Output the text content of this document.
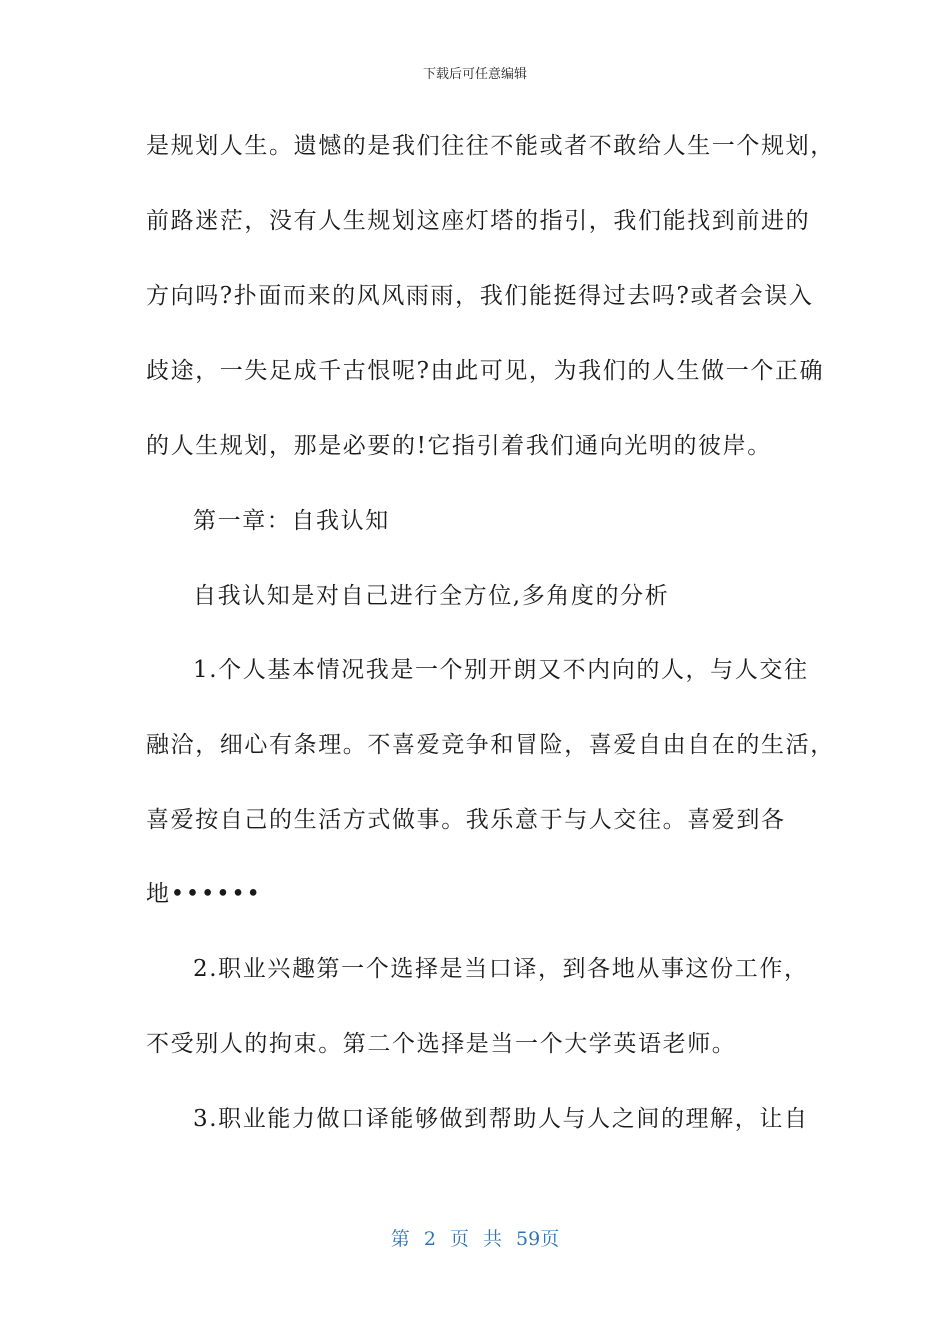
下载后可任意编辑
是规划人生。遗憾的是我们往往不能或者不敢给人生一个规划，
前路迷茫，没有人生规划这座灯塔的指引，我们能找到前进的
方向吗?扑面而来的风风雨雨，我们能挺得过去吗?或者会误入
歧途，一失足成千古恨呢?由此可见，为我们的人生做一个正确
的人生规划，那是必要的!它指引着我们通向光明的彼岸。
第一章：自我认知
自我认知是对自己进行全方位,多角度的分析
1.个人基本情况我是一个别开朗又不内向的人，与人交往
融洽，细心有条理。不喜爱竞争和冒险，喜爱自由自在的生活，
喜爱按自己的生活方式做事。我乐意于与人交往。喜爱到各
地••••••
2.职业兴趣第一个选择是当口译，到各地从事这份工作，
不受别人的拘束。第二个选择是当一个大学英语老师。
3.职业能力做口译能够做到帮助人与人之间的理解，让自
第 2 页 共 59页
